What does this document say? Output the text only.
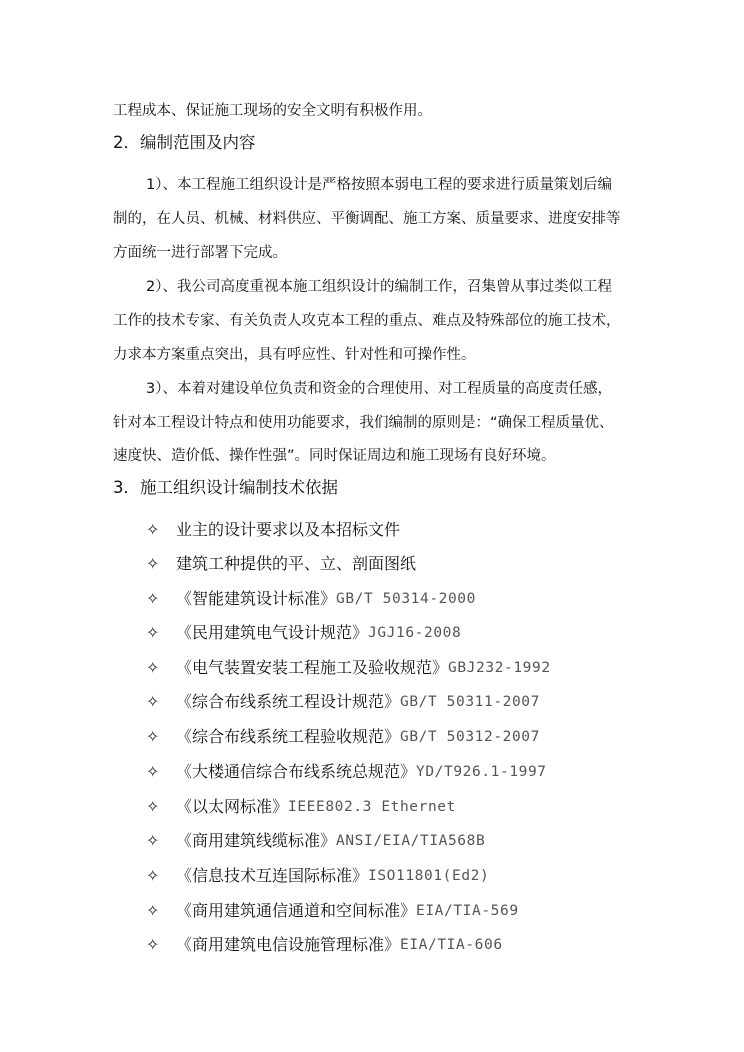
工程成本、保证施工现场的安全文明有积极作用。
2．编制范围及内容
1）、本工程施工组织设计是严格按照本弱电工程的要求进行质量策划后编
制的，在人员、机械、材料供应、平衡调配、施工方案、质量要求、进度安排等
方面统一进行部署下完成。
2）、我公司高度重视本施工组织设计的编制工作，召集曾从事过类似工程
工作的技术专家、有关负责人攻克本工程的重点、难点及特殊部位的施工技术，
力求本方案重点突出，具有呼应性、针对性和可操作性。
3）、本着对建设单位负责和资金的合理使用、对工程质量的高度责任感，
针对本工程设计特点和使用功能要求，我们编制的原则是：“确保工程质量优、
速度快、造价低、操作性强”。同时保证周边和施工现场有良好环境。
3．施工组织设计编制技术依据
✧	业主的设计要求以及本招标文件
✧	建筑工种提供的平、立、剖面图纸
✧	《智能建筑设计标准》 GB/T 50314-2000
✧	《民用建筑电气设计规范》 JGJ16-2008
✧	《电气装置安装工程施工及验收规范》 GBJ232-1992
✧	《综合布线系统工程设计规范》 GB/T 50311-2007
✧	《综合布线系统工程验收规范》 GB/T 50312-2007
✧	《大楼通信综合布线系统总规范》 YD/T926.1-1997
✧	《以太网标准》 IEEE802.3 Ethernet
✧	《商用建筑线缆标准》 ANSI/EIA/TIA568B
✧	《信息技术互连国际标准》 ISO11801(Ed2)
✧	《商用建筑通信通道和空间标准》 EIA/TIA-569
✧	《商用建筑电信设施管理标准》 EIA/TIA-606
